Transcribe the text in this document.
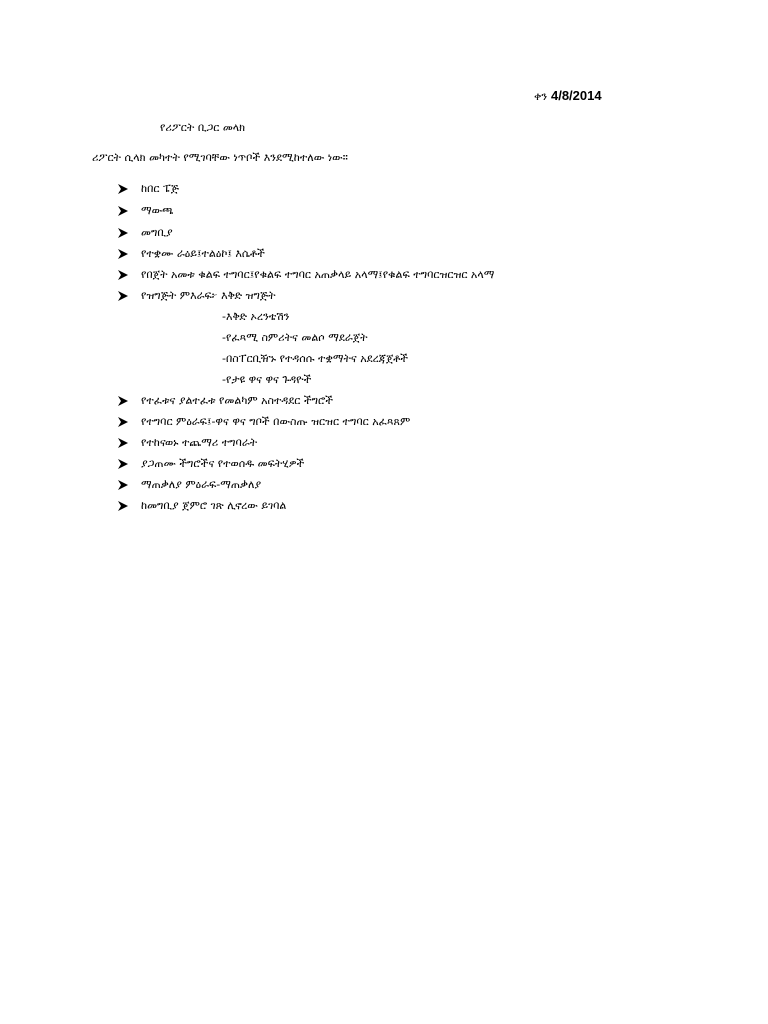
ቀን 4/8/2014
የሪፖርት ቢጋር መላክ
ሪፖርት ሲላክ መካተት የሚገባቸው ነጥቦች እንደሚከተለው ነው።
ከበር ፔጅ
ማውጫ
መግቢያ
የተቋሙ ራዕይ፤ተልዕኮ፤ እሴቶች
የበጀት አመቱ ቁልፍ ተግባር፤የቁልፍ ተግባር አጠቃላይ አላማ፤የቁልፍ ተግባርዝርዝር አላማ
የዝግጅት ምእራፍ፦ እቅድ ዝግጅት
-እቅድ ኦረንቴሽን
-የፈጻሚ ስምሪትና መልሶ ማደራጀት
-በስፐርቢዥኑ የተዳሰሱ ተቋማትና አደረጃጀቶች
-የታዩ ዋና ዋና ጉዳዮች
የተፈቱና ያልተፈቱ የመልካም አስተዳደር ችግሮች
የተግባር ምዕራፍ፤-ዋና ዋና ግቦች በውስጡ ዝርዝር ተግባር አፈጻጸም
የተከናወኑ ተጨማሪ ተግባራት
ያጋጠሙ ችግሮችና የተወሰዱ መፍትሂዎች
ማጠቃለያ ምዕራፍ-ማጠቃለያ
ከመግቢያ ጀምሮ ገጽ ሊኖረው ይገባል
